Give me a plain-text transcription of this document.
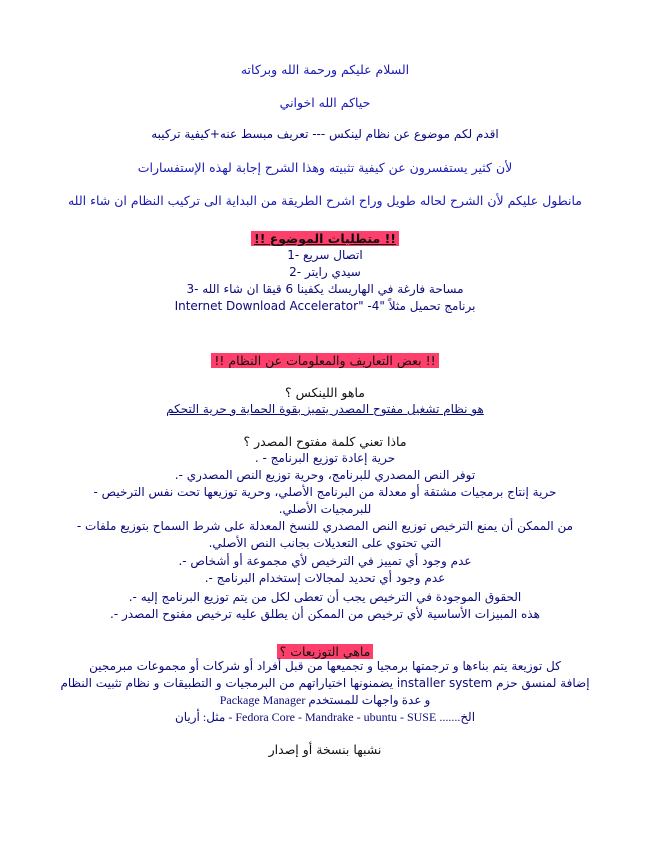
السلام عليكم ورحمة الله وبركاته
حياكم الله اخواني
اقدم لكم موضوع عن نظام لينكس --- تعريف مبسط عنه+كيفية تركيبه
لأن كثير يستفسرون عن كيفية تثبيته وهذا الشرح إجابة لهذه الإستفسارات
مانطول عليكم لأن الشرح لحاله طويل وراح اشرح الطريقة من البداية الى تركيب النظام ان شاء الله
!! متطلبات الموضوع !!
اتصال سريع -1
سيدي رايتر -2
مساحة فارغة في الهاريسك يكفينا 6 قيقا ان شاء الله -3
برنامج تحميل مثلاً "Internet Download Accelerator" -4
!! بعض التعاريف والمعلومات عن النظام !!
ماهو اللينكس ؟
هو نظام تشغيل مفتوح المصدر يتميز بقوة الحماية و حرية التحكم
ماذا تعني كلمة مفتوح المصدر ؟
حرية إعادة توزيع البرنامج - .
توفر النص المصدري للبرنامج، وحرية توزيع النص المصدري -.
حرية إنتاج برمجيات مشتقة أو معدلة من البرنامج الأصلي، وحرية توزيعها تحت نفس الترخيص -
للبرمجيات الأصلي.
من الممكن أن يمنع الترخيص توزيع النص المصدري للنسخ المعدلة على شرط السماح بتوزيع ملفات -
التي تحتوي على التعديلات بجانب النص الأصلي.
عدم وجود أي تمييز في الترخيص لأي مجموعة أو أشخاص -.
عدم وجود أي تحديد لمجالات إستخدام البرنامج -.
الحقوق الموجودة في الترخيص يجب أن تعطى لكل من يتم توزيع البرنامج إليه -.
هذه المبيزات الأساسية لأي ترخيص من الممكن أن يطلق عليه ترخيص مفتوح المصدر -.
ماهي التوزيعات ؟
كل توزيعة يتم بناءها و ترجمتها برمجيا و تجميعها من قبل أفراد أو شركات أو مجموعات مبرمجين
إضافة لمنسق حزم installer system يضمنونها اختياراتهم من البرمجيات و التطبيقات و نظام تثبيت النظام
و عدة واجهات للمستخدم Package Manager
الخ....... Fedora Core - Mandrake - ubuntu - SUSE - مثل: أريان
نشبها بنسخة أو إصدار
